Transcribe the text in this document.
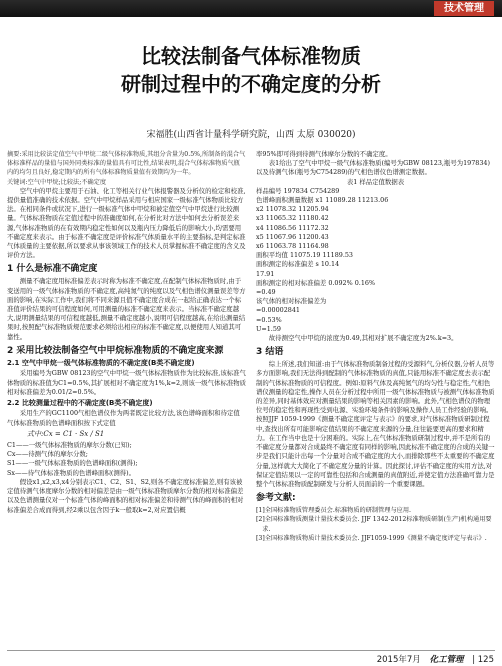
技术管理
比较法制备气体标准物质
研制过程中的不确定度的分析
宋福胜(山西省计量科学研究院，山西 太原 030020)

摘要:采用比较法定值空气中甲烷二级气体标准物质,其组分含量为0.5%,所制备的混合气体标准样品的量值与国外同类标准的量值具有可比性,结果表明,混合气体标准物质气瓶内的均匀且良好,稳定期内的所有气体标准物质量值有效期均为一年。

关键词:空气中甲烷;比较法;不确定度

空气中的甲烷主要用于石油、化工等相关行业气体报警器及分析仪的检定和校准,提供量值准确的技术依据。空气中甲烷样品采用与相应国家一级标准气体物质比较方法。在相同条件或状况下,进行一级标准气体中甲烷和被定值空气中甲烷进行比较测量。气体标准物质在定值过程中的准确度如何,在分析比对方法中如何去分析误差来源,气体标准物质的在有效期内稳定性如何以及瓶内压力降低后的影响大小,均需要用不确定度来表示。由于标准不确定度是评价标准气体质量水平的主要指标,是判定标准气体质量的主要依据,所以要求从事该领域工作的技术人员掌握标准不确定度的含义及评价方法。

1 什么是标准不确定度

测量不确定度用标准偏差表示时称为标准不确定度,在配制气体标准物质时,由于变送用的一级气体标准物质的不确定度,高纯氮气的纯度以及气相色谱仪测量误差等方面的影响,在实际工作中,我们将不同来源且值不确定度合成在一起给正确表达一个标准值评价结果的可信程度如何,可用测量的标准不确定度来表示。当标准不确定度越大,说明测量结果的可信程度越低,测量不确定度越小,说明可信程度越高,在给出测量结果时,按照配气标准物质规范要求必须给出相应的标准不确定度,以便使用人知道其可靠性。

2 采用比较法制备空气中甲烷标准物质的不确定度来源
2.1 空气中甲烷一级气体标准物质的不确定度(B类不确定度)

采用编号为GBW 08123的空气中甲烷一级气体标准物质作为比较标准,该标准气体物质的标准值为C1=0.5%,其扩展相对不确定度为1%,k=2,则该一级气体标准物质相对标准偏差为0.01/2=0.5%。

2.2 比较测量过程中的不确定度(B类不确定度)

采用生产的GC1100气相色谱仪作为两者既定比较方法,该色谱峰面积和待定值气体标准物质的色谱峰面积按下式定值

式中:Cx = C1 · Sx / S1

C1——一级气体标准物质的摩尔分数(已知);

Cx——待测气体的摩尔分数;

S1——一级气体标准物质的色谱峰面积(测得);

Sx——待气体标准物质的色谱峰面积(测得)。

假设x1,x2,x3,x4分别表示C1、C2、S1、S2,则各不确定度标准偏差,则有该被定值待测气体度摩尔分数的相对偏差是由一级气体标准物质摩尔分数的相对标准偏差以及色谱测量仪对一个标准气体的峰面积的相对标准偏差和待测气体的峰面积的相对标准偏差合成而得到,经2乘以包含因子k一般取k=2,对应置信概

率95%即可得到待测气体摩尔分数的不确定度。

表1给出了空气中甲烷一级气体标准物质(编号为GBW 08123,瓶号为197834)以及待测气体(瓶号为C754289)的气相色谱仪色谱测定数据。

表1 样品定值数据表

样品编号 197834 C754289

色谱峰面积测量数据 x1 11089.28 11213.06

x2 11078.32 11205.94

x3 11065.32 11180.42

x4 11086.56 11172.32

x5 11067.96 11200.43

x6 11063.78 11164.98

面积平均值 11075.19 11189.53

面积测定的标准偏差 s 10.14

17.91

面积测定的相对标准偏差 0.092% 0.16%

=0.49

该气体的相对标准偏差为

=0.00002841

=0.53%

U=1.59

故待测空气中甲烷的浓度为0.49,其相对扩展不确定度为2%.k=3。

3 结语

综上所述,我们知道:由于气体标准物质制备过程的受源料气,分析仪器,分析人员等多方面影响,我们无法得到配制的气体标准物质的真值,只能用标准不确定度去表示配制的气体标准物质的可信程度。例如:原料气体及高纯氮气的均匀性与稳定性,气相色谱仪测量的稳定性,操作人员在分析过程中所用一级气体标准物质与被测气体标准物质的差异,同时基体效应对测量结果的影响等相关因素的影响。此外,气相色谱仪的物理位号的稳定性和再现性受到电源、实验环境条件的影响及操作人员工作经验的影响。按照JJF 1059-1999《测量不确定度评定与表示》的要求,对气体标准物质研制过程中,查找出所有可能影响定值结果的不确定度来源的分量,往往能要更高的要求和精力。在工作当中也是十分困难的。实际上,在气体标准物质研制过程中,并不是所有的不确定度分量都对合成最终不确定度有同样的影响,因此标准不确定度的合成的关键一步是我们只能计出每一个分量对合成不确定度的大小,而排除那些不太重要的不确定度分量,这样就大大简化了不确定度分量的计算。因此探讨,评估不确定度的实用方法,对保证定值结果以一定的可靠性包括和合成测量的真值附近,并使定值方法准确可靠力是整个气体标准物质配制研发与分析人员面前的一个重要课题。

参考文献:

[1]全国标准物质管理委员会.标准物质的研制管理与应用.

[2]全国标准物质测量计量技术委员会. JJF 1342-2012标准物质研制(生产)机构通用要求.

[3]全国标准物质物质计量技术委员会. JJF1059-1999《测量不确定度评定与表示》.

2015年7月 化工管理 | 125
